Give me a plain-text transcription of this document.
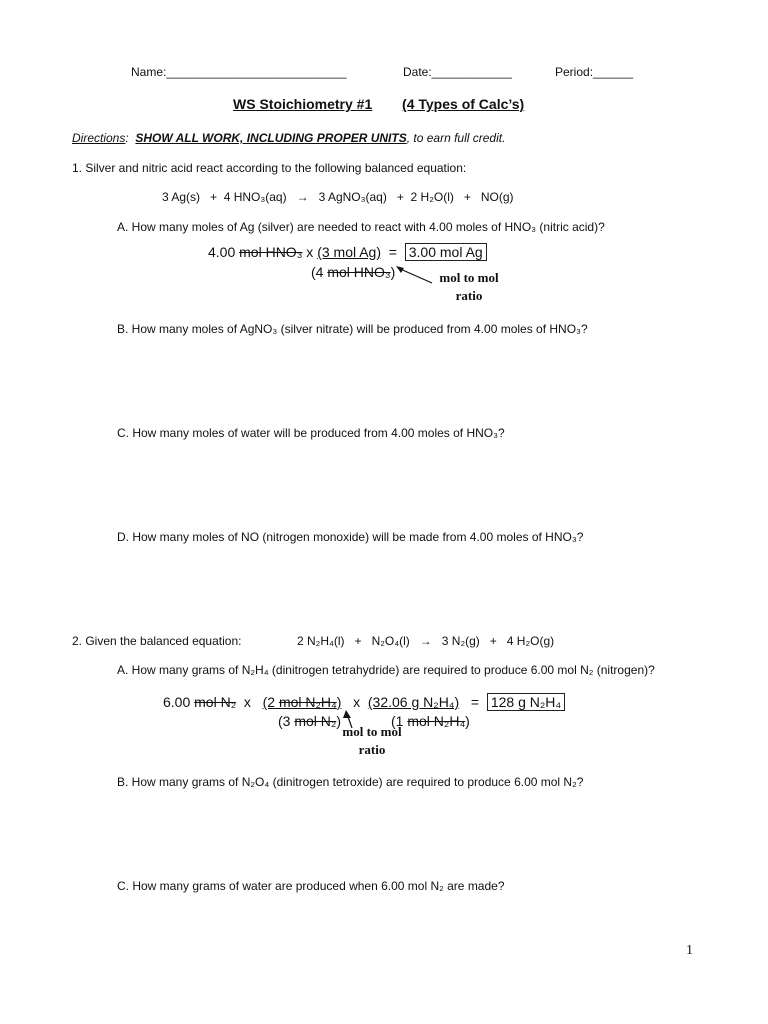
Name:___________________________	Date:____________	Period:______
WS Stoichiometry #1 (4 Types of Calc’s)
Directions: SHOW ALL WORK, INCLUDING PROPER UNITS, to earn full credit.
1. Silver and nitric acid react according to the following balanced equation:
3 Ag(s)   +  4 HNO₃(aq)   →   3 AgNO₃(aq)   +  2 H₂O(l)   +   NO(g)
A. How many moles of Ag (silver) are needed to react with 4.00 moles of HNO₃ (nitric acid)?
4.00 mol HNO₃ x (3 mol Ag) = 3.00 mol Ag
(4 mol HNO₃)	mol to mol
ratio
B. How many moles of AgNO₃ (silver nitrate) will be produced from 4.00 moles of HNO₃?
C. How many moles of water will be produced from 4.00 moles of HNO₃?
D. How many moles of NO (nitrogen monoxide) will be made from 4.00 moles of HNO₃?
2. Given the balanced equation:	2 N₂H₄(l)   +   N₂O₄(l)   →   3 N₂(g)   +   4 H₂O(g)
A. How many grams of N₂H₄ (dinitrogen tetrahydride) are required to produce 6.00 mol N₂ (nitrogen)?
6.00 mol N₂ x (2 mol N₂H₄) x (32.06 g N₂H₄) = 128 g N₂H₄
(3 mol N₂)	(1 mol N₂H₄)
mol to mol
ratio
B. How many grams of N₂O₄ (dinitrogen tetroxide) are required to produce 6.00 mol N₂?
C. How many grams of water are produced when 6.00 mol N₂ are made?
1
